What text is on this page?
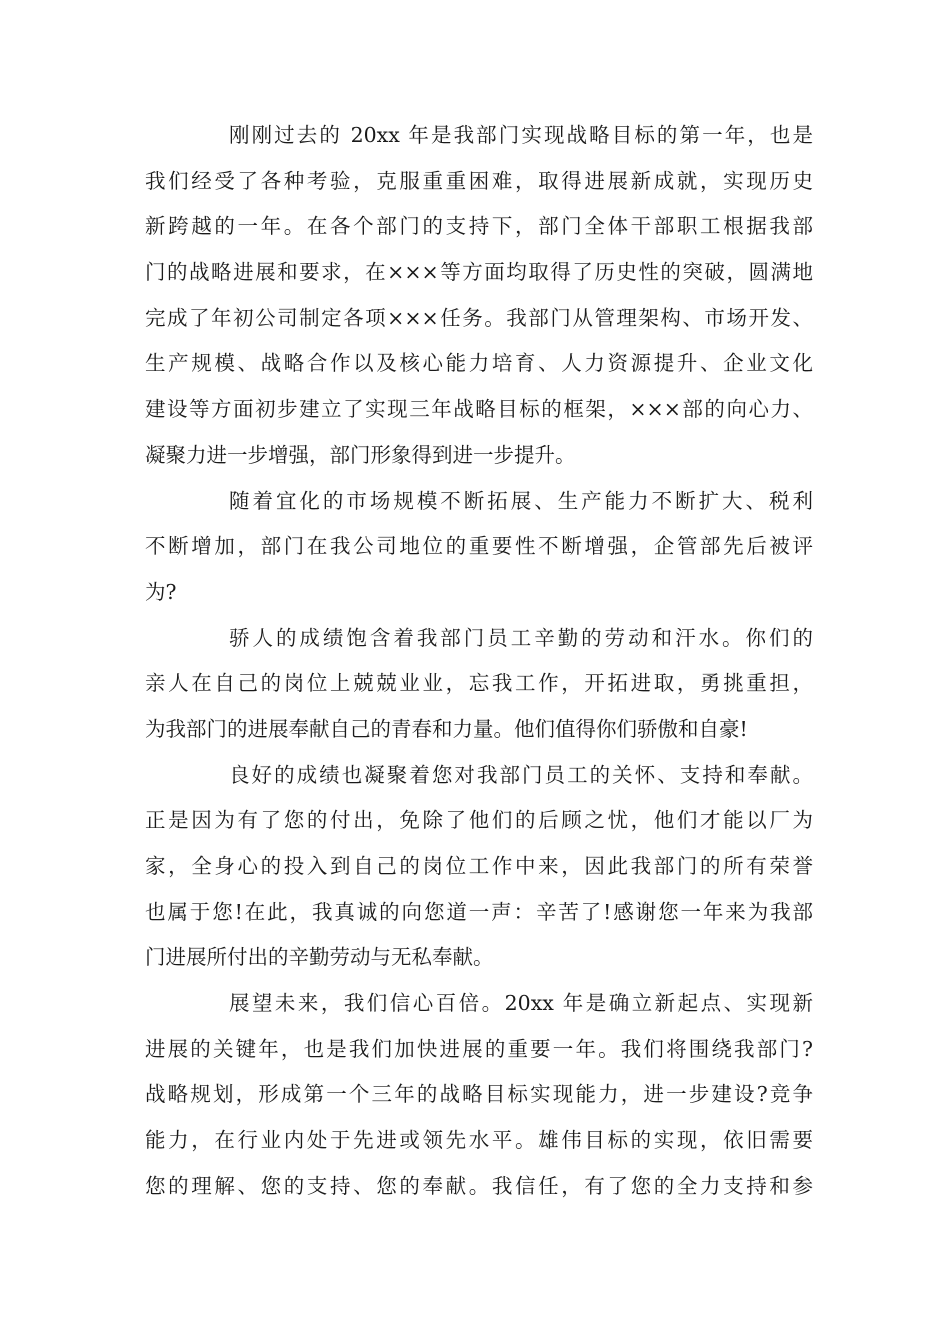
刚刚过去的 20xx 年是我部门实现战略目标的第一年，也是
我们经受了各种考验，克服重重困难，取得进展新成就，实现历史
新跨越的一年。在各个部门的支持下，部门全体干部职工根据我部
门的战略进展和要求，在×××等方面均取得了历史性的突破，圆满地
完成了年初公司制定各项×××任务。我部门从管理架构、市场开发、
生产规模、战略合作以及核心能力培育、人力资源提升、企业文化
建设等方面初步建立了实现三年战略目标的框架，×××部的向心力、
凝聚力进一步增强，部门形象得到进一步提升。
随着宜化的市场规模不断拓展、生产能力不断扩大、税利
不断增加，部门在我公司地位的重要性不断增强，企管部先后被评
为?
骄人的成绩饱含着我部门员工辛勤的劳动和汗水。你们的
亲人在自己的岗位上兢兢业业，忘我工作，开拓进取，勇挑重担，
为我部门的进展奉献自己的青春和力量。他们值得你们骄傲和自豪!
良好的成绩也凝聚着您对我部门员工的关怀、支持和奉献。
正是因为有了您的付出，免除了他们的后顾之忧，他们才能以厂为
家，全身心的投入到自己的岗位工作中来，因此我部门的所有荣誉
也属于您!在此，我真诚的向您道一声：辛苦了!感谢您一年来为我部
门进展所付出的辛勤劳动与无私奉献。
展望未来，我们信心百倍。20xx 年是确立新起点、实现新
进展的关键年，也是我们加快进展的重要一年。我们将围绕我部门?
战略规划，形成第一个三年的战略目标实现能力，进一步建设?竞争
能力，在行业内处于先进或领先水平。雄伟目标的实现，依旧需要
您的理解、您的支持、您的奉献。我信任，有了您的全力支持和参
